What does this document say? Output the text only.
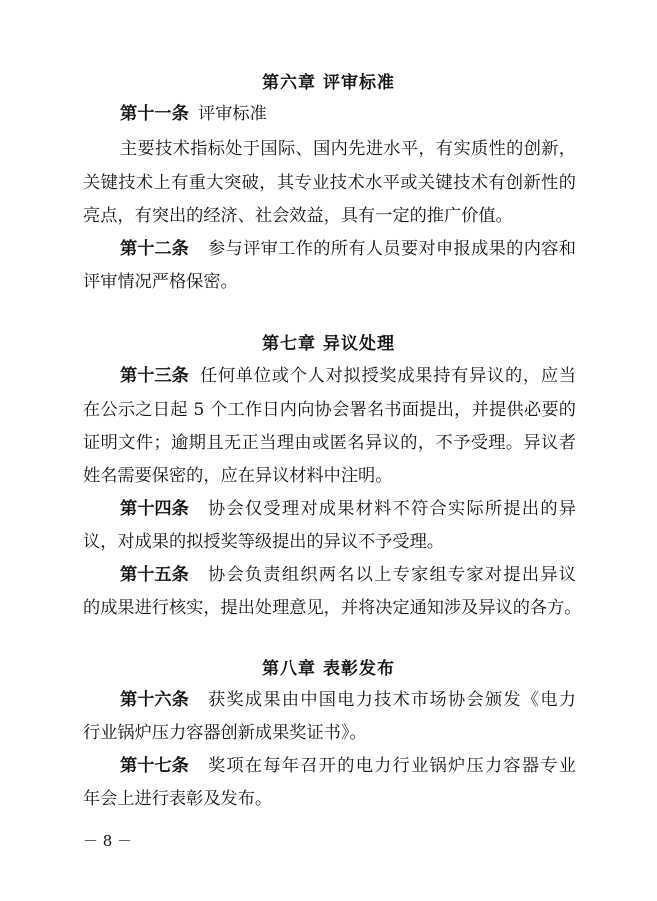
第六章 评审标准
第十一条 评审标准
主要技术指标处于国际、国内先进水平，有实质性的创新，
关键技术上有重大突破，其专业技术水平或关键技术有创新性的
亮点，有突出的经济、社会效益，具有一定的推广价值。
第十二条 参与评审工作的所有人员要对申报成果的内容和
评审情况严格保密。
第七章 异议处理
第十三条 任何单位或个人对拟授奖成果持有异议的，应当
在公示之日起 5 个工作日内向协会署名书面提出，并提供必要的
证明文件；逾期且无正当理由或匿名异议的，不予受理。异议者
姓名需要保密的，应在异议材料中注明。
第十四条 协会仅受理对成果材料不符合实际所提出的异
议，对成果的拟授奖等级提出的异议不予受理。
第十五条 协会负责组织两名以上专家组专家对提出异议
的成果进行核实，提出处理意见，并将决定通知涉及异议的各方。
第八章 表彰发布
第十六条 获奖成果由中国电力技术市场协会颁发《电力
行业锅炉压力容器创新成果奖证书》。
第十七条 奖项在每年召开的电力行业锅炉压力容器专业
年会上进行表彰及发布。
－ 8 －
